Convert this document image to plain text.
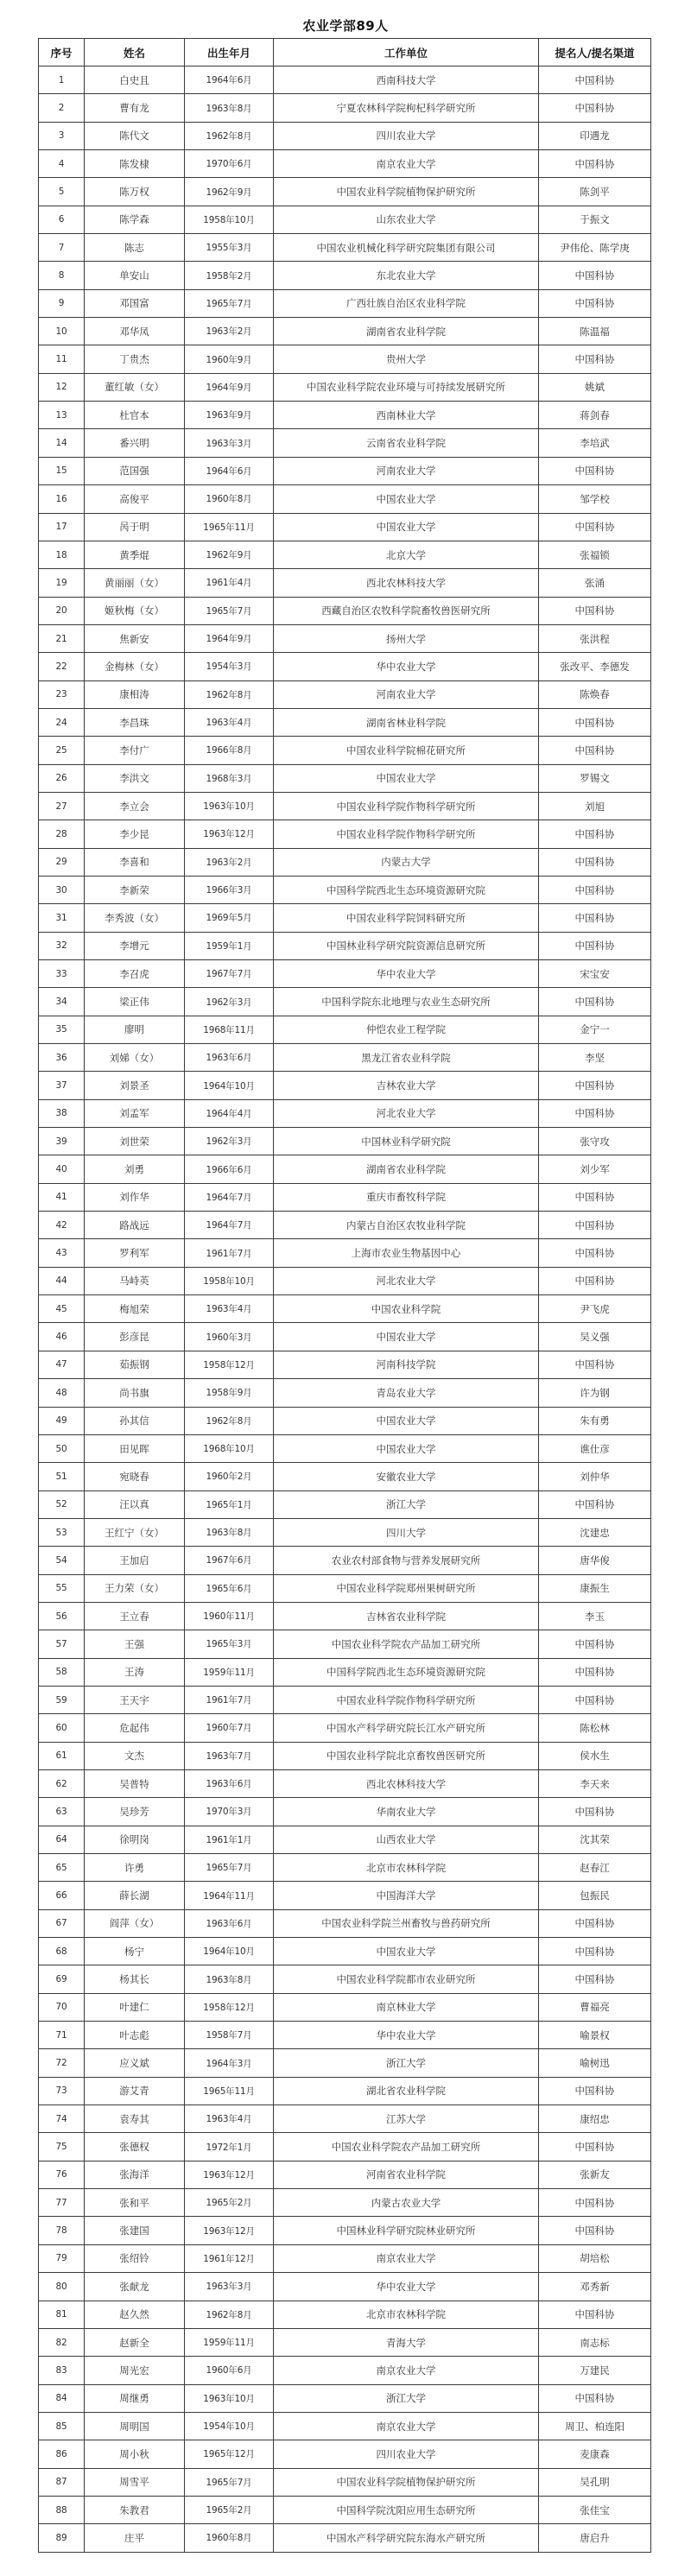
农业学部89人
序号	姓名	出生年月	工作单位	提名人/提名渠道
1	白史且	1964年6月	西南科技大学	中国科协
2	曹有龙	1963年8月	宁夏农林科学院枸杞科学研究所	中国科协
3	陈代文	1962年8月	四川农业大学	印遇龙
4	陈发棣	1970年6月	南京农业大学	中国科协
5	陈万权	1962年9月	中国农业科学院植物保护研究所	陈剑平
6	陈学森	1958年10月	山东农业大学	于振文
7	陈志	1955年3月	中国农业机械化科学研究院集团有限公司	尹伟伦、陈学庚
8	单安山	1958年2月	东北农业大学	中国科协
9	邓国富	1965年7月	广西壮族自治区农业科学院	中国科协
10	邓华凤	1963年2月	湖南省农业科学院	陈温福
11	丁贵杰	1960年9月	贵州大学	中国科协
12	董红敏（女）	1964年9月	中国农业科学院农业环境与可持续发展研究所	姚斌
13	杜官本	1963年9月	西南林业大学	蒋剑春
14	番兴明	1963年3月	云南省农业科学院	李培武
15	范国强	1964年6月	河南农业大学	中国科协
16	高俊平	1960年8月	中国农业大学	邹学校
17	呙于明	1965年11月	中国农业大学	中国科协
18	黄季焜	1962年9月	北京大学	张福锁
19	黄丽丽（女）	1961年4月	西北农林科技大学	张涌
20	姬秋梅（女）	1965年7月	西藏自治区农牧科学院畜牧兽医研究所	中国科协
21	焦新安	1964年9月	扬州大学	张洪程
22	金梅林（女）	1954年3月	华中农业大学	张改平、李德发
23	康相涛	1962年8月	河南农业大学	陈焕春
24	李昌珠	1963年4月	湖南省林业科学院	中国科协
25	李付广	1966年8月	中国农业科学院棉花研究所	中国科协
26	李洪文	1968年3月	中国农业大学	罗锡文
27	李立会	1963年10月	中国农业科学院作物科学研究所	刘旭
28	李少昆	1963年12月	中国农业科学院作物科学研究所	中国科协
29	李喜和	1963年2月	内蒙古大学	中国科协
30	李新荣	1966年3月	中国科学院西北生态环境资源研究院	中国科协
31	李秀波（女）	1969年5月	中国农业科学院饲料研究所	中国科协
32	李增元	1959年1月	中国林业科学研究院资源信息研究所	中国科协
33	李召虎	1967年7月	华中农业大学	宋宝安
34	梁正伟	1962年3月	中国科学院东北地理与农业生态研究所	中国科协
35	廖明	1968年11月	仲恺农业工程学院	金宁一
36	刘娣（女）	1963年6月	黑龙江省农业科学院	李坚
37	刘景圣	1964年10月	吉林农业大学	中国科协
38	刘孟军	1964年4月	河北农业大学	中国科协
39	刘世荣	1962年3月	中国林业科学研究院	张守攻
40	刘勇	1966年6月	湖南省农业科学院	刘少军
41	刘作华	1964年7月	重庆市畜牧科学院	中国科协
42	路战远	1964年7月	内蒙古自治区农牧业科学院	中国科协
43	罗利军	1961年7月	上海市农业生物基因中心	中国科协
44	马峙英	1958年10月	河北农业大学	中国科协
45	梅旭荣	1963年4月	中国农业科学院	尹飞虎
46	彭彦昆	1960年3月	中国农业大学	吴义强
47	茹振钢	1958年12月	河南科技学院	中国科协
48	尚书旗	1958年9月	青岛农业大学	许为钢
49	孙其信	1962年8月	中国农业大学	朱有勇
50	田见晖	1968年10月	中国农业大学	谯仕彦
51	宛晓春	1960年2月	安徽农业大学	刘仲华
52	汪以真	1965年1月	浙江大学	中国科协
53	王红宁（女）	1963年8月	四川大学	沈建忠
54	王加启	1967年6月	农业农村部食物与营养发展研究所	唐华俊
55	王力荣（女）	1965年6月	中国农业科学院郑州果树研究所	康振生
56	王立春	1960年11月	吉林省农业科学院	李玉
57	王强	1965年3月	中国农业科学院农产品加工研究所	中国科协
58	王涛	1959年11月	中国科学院西北生态环境资源研究院	中国科协
59	王天宇	1961年7月	中国农业科学院作物科学研究所	中国科协
60	危起伟	1960年7月	中国水产科学研究院长江水产研究所	陈松林
61	文杰	1963年7月	中国农业科学院北京畜牧兽医研究所	侯水生
62	吴普特	1963年6月	西北农林科技大学	李天来
63	吴珍芳	1970年3月	华南农业大学	中国科协
64	徐明岗	1961年1月	山西农业大学	沈其荣
65	许勇	1965年7月	北京市农林科学院	赵春江
66	薛长湖	1964年11月	中国海洋大学	包振民
67	阎萍（女）	1963年6月	中国农业科学院兰州畜牧与兽药研究所	中国科协
68	杨宁	1964年10月	中国农业大学	中国科协
69	杨其长	1963年8月	中国农业科学院都市农业研究所	中国科协
70	叶建仁	1958年12月	南京林业大学	曹福亮
71	叶志彪	1958年7月	华中农业大学	喻景权
72	应义斌	1964年3月	浙江大学	喻树迅
73	游艾青	1965年11月	湖北省农业科学院	中国科协
74	袁寿其	1963年4月	江苏大学	康绍忠
75	张德权	1972年1月	中国农业科学院农产品加工研究所	中国科协
76	张海洋	1963年12月	河南省农业科学院	张新友
77	张和平	1965年2月	内蒙古农业大学	中国科协
78	张建国	1963年12月	中国林业科学研究院林业研究所	中国科协
79	张绍铃	1961年12月	南京农业大学	胡培松
80	张献龙	1963年3月	华中农业大学	邓秀新
81	赵久然	1962年8月	北京市农林科学院	中国科协
82	赵新全	1959年11月	青海大学	南志标
83	周光宏	1960年6月	南京农业大学	万建民
84	周继勇	1963年10月	浙江大学	中国科协
85	周明国	1954年10月	南京农业大学	周卫、柏连阳
86	周小秋	1965年12月	四川农业大学	麦康森
87	周雪平	1965年7月	中国农业科学院植物保护研究所	吴孔明
88	朱教君	1965年2月	中国科学院沈阳应用生态研究所	张佳宝
89	庄平	1960年8月	中国水产科学研究院东海水产研究所	唐启升
